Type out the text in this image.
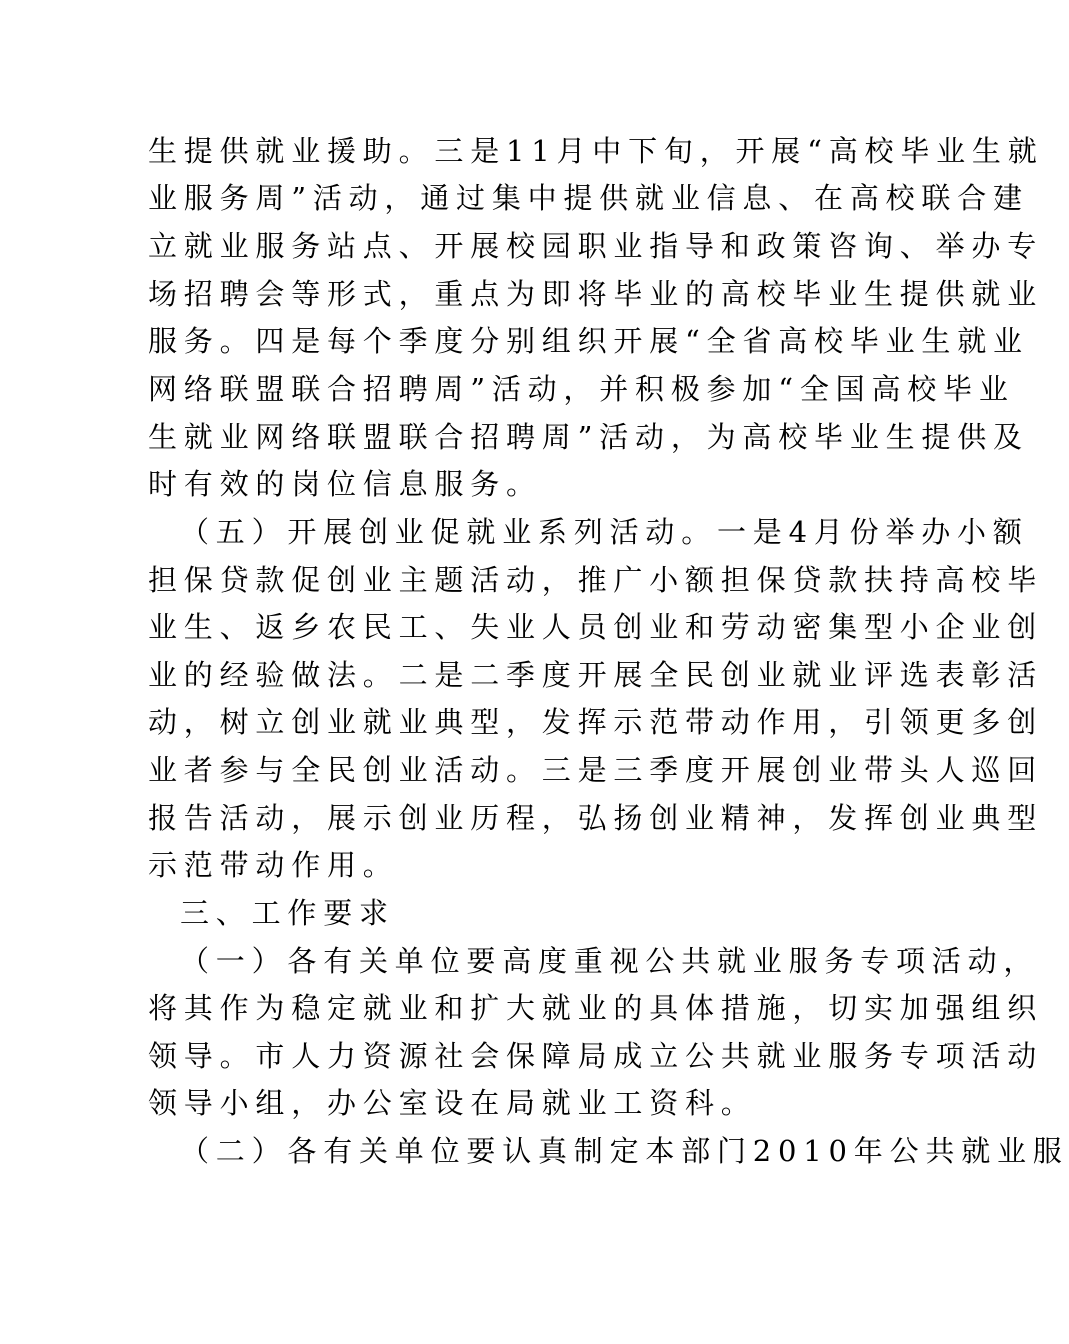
生提供就业援助。三是11月中下旬，开展“高校毕业生就
业服务周”活动，通过集中提供就业信息、在高校联合建
立就业服务站点、开展校园职业指导和政策咨询、举办专
场招聘会等形式，重点为即将毕业的高校毕业生提供就业
服务。四是每个季度分别组织开展“全省高校毕业生就业
网络联盟联合招聘周”活动，并积极参加“全国高校毕业
生就业网络联盟联合招聘周”活动，为高校毕业生提供及
时有效的岗位信息服务。
（五）开展创业促就业系列活动。一是4月份举办小额
担保贷款促创业主题活动，推广小额担保贷款扶持高校毕
业生、返乡农民工、失业人员创业和劳动密集型小企业创
业的经验做法。二是二季度开展全民创业就业评选表彰活
动，树立创业就业典型，发挥示范带动作用，引领更多创
业者参与全民创业活动。三是三季度开展创业带头人巡回
报告活动，展示创业历程，弘扬创业精神，发挥创业典型
示范带动作用。
三、工作要求
（一）各有关单位要高度重视公共就业服务专项活动，
将其作为稳定就业和扩大就业的具体措施，切实加强组织
领导。市人力资源社会保障局成立公共就业服务专项活动
领导小组，办公室设在局就业工资科。
（二）各有关单位要认真制定本部门2010年公共就业服
